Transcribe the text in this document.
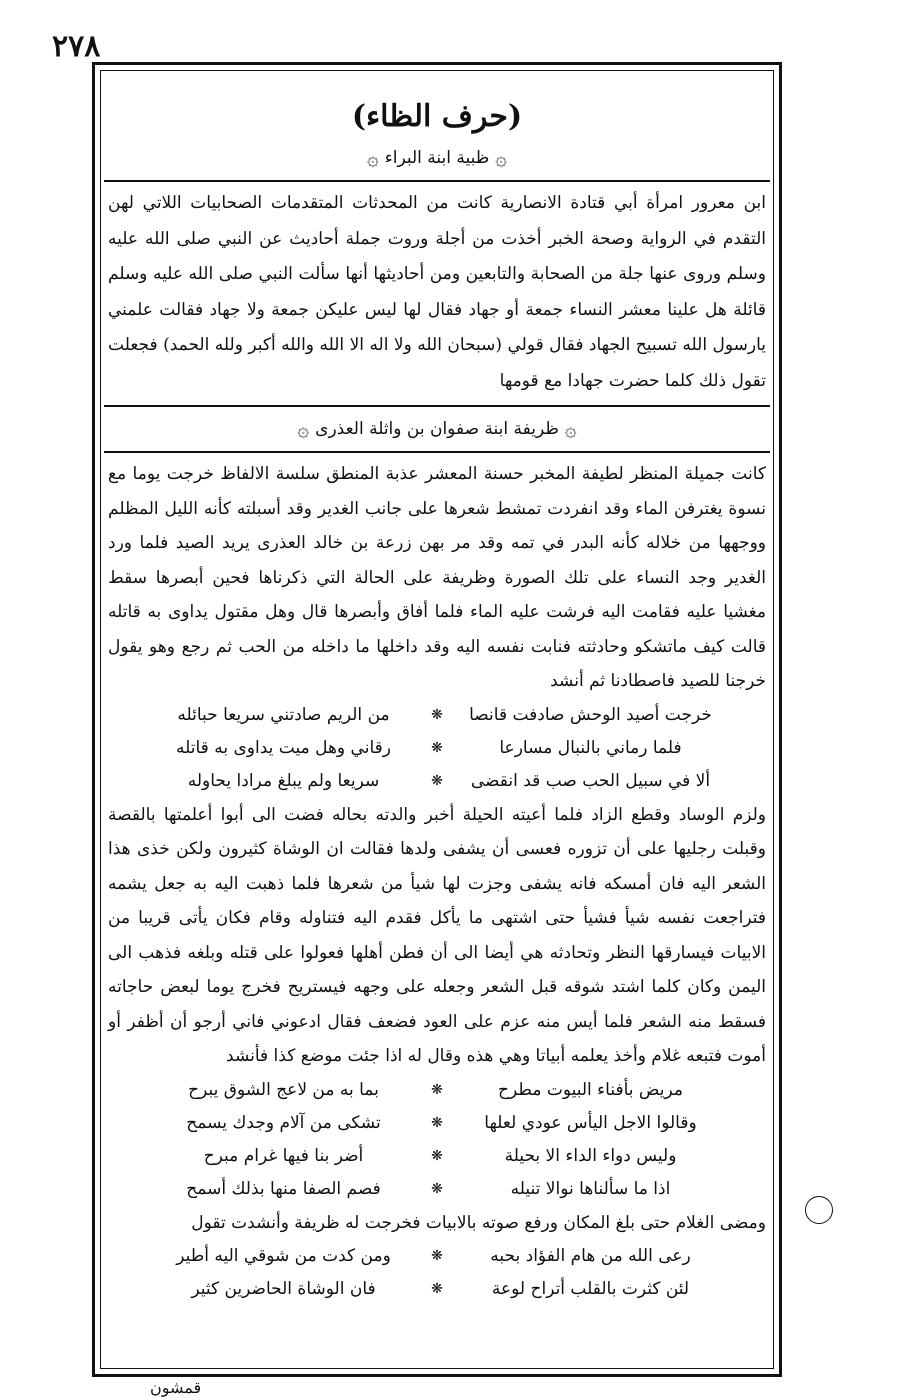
٢٧٨
(حرف الظاء)
۞
ظبية ابنة البراء
۞
ابن معرور امرأة أبي قتادة الانصارية كانت من المحدثات المتقدمات الصحابيات اللاتي لهن التقدم في الرواية وصحة الخبر أخذت من أجلة وروت جملة أحاديث عن النبي صلى الله عليه وسلم وروى عنها جلة من الصحابة والتابعين ومن أحاديثها أنها سألت النبي صلى الله عليه وسلم قائلة هل علينا معشر النساء جمعة أو جهاد فقال لها ليس عليكن جمعة ولا جهاد فقالت علمني يارسول الله تسبيح الجهاد فقال قولي (سبحان الله ولا اله الا الله والله أكبر ولله الحمد) فجعلت تقول ذلك كلما حضرت جهادا مع قومها
۞
ظريفة ابنة صفوان بن واثلة العذرى
۞
كانت جميلة المنظر لطيفة المخبر حسنة المعشر عذبة المنطق سلسة الالفاظ خرجت يوما مع نسوة يغترفن الماء وقد انفردت تمشط شعرها على جانب الغدير وقد أسبلته كأنه الليل المظلم ووجهها من خلاله كأنه البدر في تمه وقد مر بهن زرعة بن خالد العذرى يريد الصيد فلما ورد الغدير وجد النساء على تلك الصورة وظريفة على الحالة التي ذكرناها فحين أبصرها سقط مغشيا عليه فقامت اليه فرشت عليه الماء فلما أفاق وأبصرها قال وهل مقتول يداوى به قاتله قالت كيف ماتشكو وحادثته فنابت نفسه اليه وقد داخلها ما داخله من الحب ثم رجع وهو يقول خرجنا للصيد فاصطادنا ثم أنشد
خرجت أصيد الوحش صادفت قانصا
❋
من الريم صادتني سريعا حبائله
فلما رماني بالنبال مسارعا
❋
رقاني وهل ميت يداوى به قاتله
ألا في سبيل الحب صب قد انقضى
❋
سريعا ولم يبلغ مرادا يحاوله
ولزم الوساد وقطع الزاد فلما أعيته الحيلة أخبر والدته بحاله فضت الى أبوا أعلمتها بالقصة وقبلت رجليها على أن تزوره فعسى أن يشفى ولدها فقالت ان الوشاة كثيرون ولكن خذى هذا الشعر اليه فان أمسكه فانه يشفى وجزت لها شيأ من شعرها فلما ذهبت اليه به جعل يشمه فتراجعت نفسه شيأ فشيأ حتى اشتهى ما يأكل فقدم اليه فتناوله وقام فكان يأتى قريبا من الابيات فيسارقها النظر وتحادثه هي أيضا الى أن فطن أهلها فعولوا على قتله وبلغه فذهب الى اليمن وكان كلما اشتد شوقه قبل الشعر وجعله على وجهه فيستريح فخرج يوما لبعض حاجاته فسقط منه الشعر فلما أيس منه عزم على العود فضعف فقال ادعوني فاني أرجو أن أظفر أو أموت فتبعه غلام وأخذ يعلمه أبياتا وهي هذه وقال له اذا جئت موضع كذا فأنشد
مريض بأفناء البيوت مطرح
❋
بما به من لاعج الشوق يبرح
وقالوا الاجل اليأس عودي لعلها
❋
تشكى من آلام وجدك يسمح
وليس دواء الداء الا بحيلة
❋
أضر بنا فيها غرام مبرح
اذا ما سألناها نوالا تنيله
❋
فصم الصفا منها بذلك أسمح
ومضى الغلام حتى بلغ المكان ورفع صوته بالابيات فخرجت له ظريفة وأنشدت تقول
رعى الله من هام الفؤاد بحبه
❋
ومن كدت من شوقي اليه أطير
لئن كثرت بالقلب أتراح لوعة
❋
فان الوشاة الحاضرين كثير
قمشون
